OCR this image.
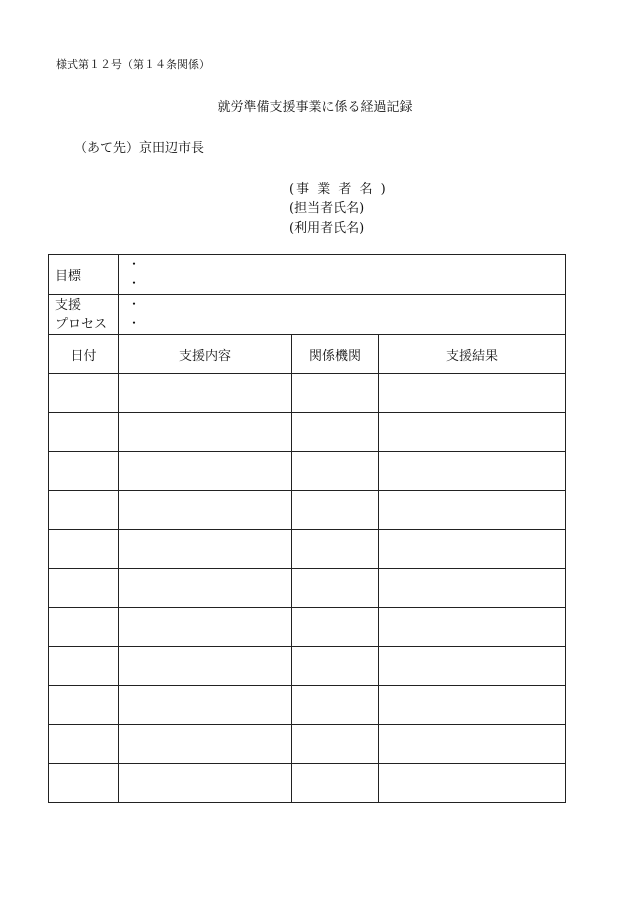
様式第１２号（第１４条関係）
就労準備支援事業に係る経過記録
（あて先）京田辺市長
(事 業 者 名 )
(担当者氏名)
(利用者氏名)
目標	・
・		

支援
プロセス	・
・		

日付	支援内容	関係機関	支援結果
